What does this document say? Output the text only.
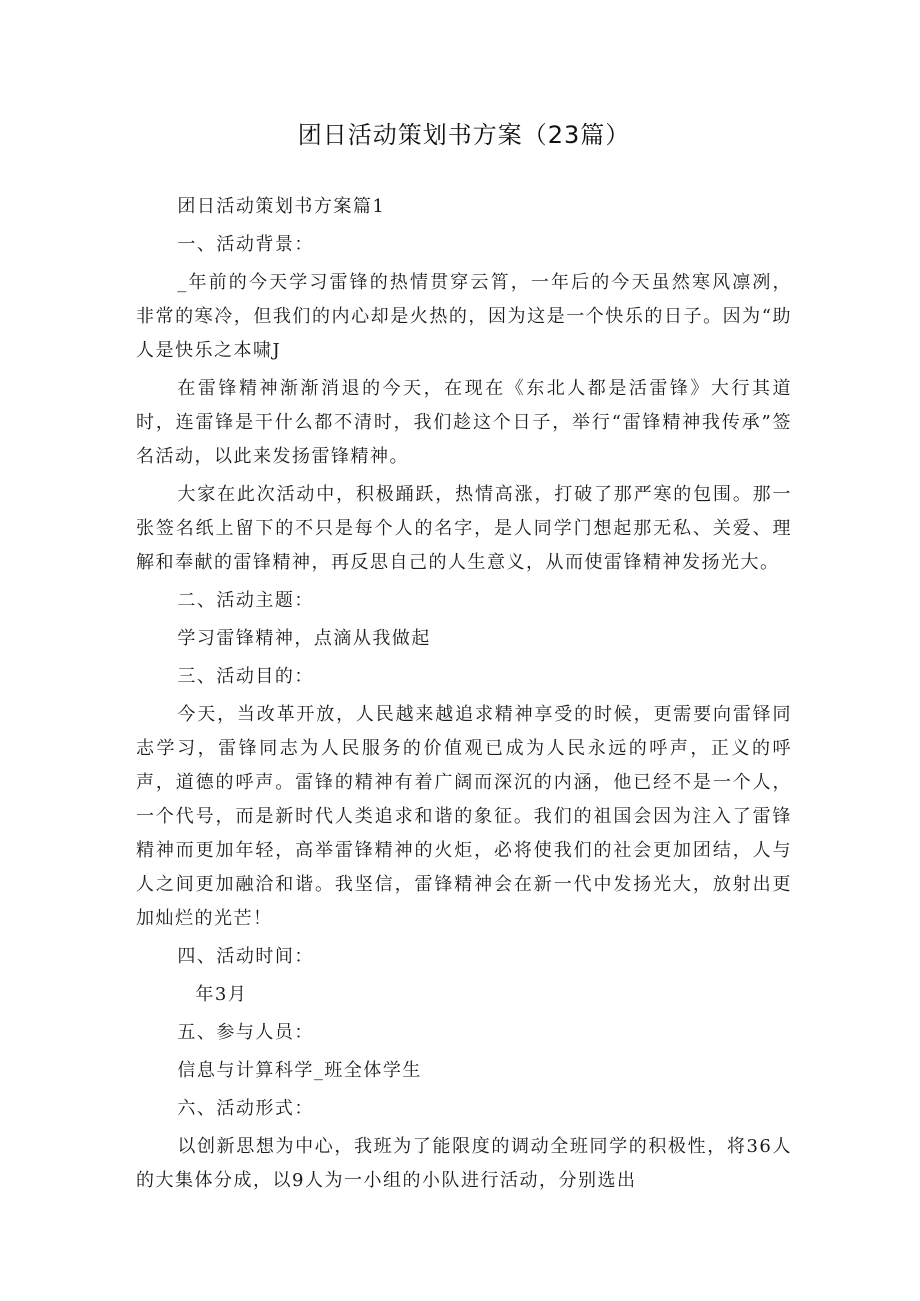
团日活动策划书方案（23篇）

团日活动策划书方案篇1

一、活动背景：

_年前的今天学习雷锋的热情贯穿云筲，一年后的今天虽然寒风凛冽，非常的寒冷，但我们的内心却是火热的，因为这是一个快乐的日子。因为“助人是快乐之本啸J

在雷锋精神渐渐消退的今天，在现在《东北人都是活雷锋》大行其道时，连雷锋是干什么都不清时，我们趁这个日子，举行“雷锋精神我传承”签名活动，以此来发扬雷锋精神。

大家在此次活动中，积极踊跃，热情高涨，打破了那严寒的包围。那一张签名纸上留下的不只是每个人的名字，是人同学门想起那无私、关爱、理解和奉献的雷锋精神，再反思自己的人生意义，从而使雷锋精神发扬光大。

二、活动主题：

学习雷锋精神，点滴从我做起

三、活动目的：

今天，当改革开放，人民越来越追求精神享受的时候，更需要向雷铎同志学习，雷锋同志为人民服务的价值观已成为人民永远的呼声，正义的呼声，道德的呼声。雷锋的精神有着广阔而深沉的内涵，他已经不是一个人，一个代号，而是新时代人类追求和谐的象征。我们的祖国会因为注入了雷锋精神而更加年轻，高举雷锋精神的火炬，必将使我们的社会更加团结，人与人之间更加融洽和谐。我坚信，雷锋精神会在新一代中发扬光大，放射出更加灿烂的光芒！

四、活动时间：

年3月

五、参与人员：

信息与计算科学_班全体学生

六、活动形式：

以创新思想为中心，我班为了能限度的调动全班同学的积极性，将36人的大集体分成，以9人为一小组的小队进行活动，分别选出
